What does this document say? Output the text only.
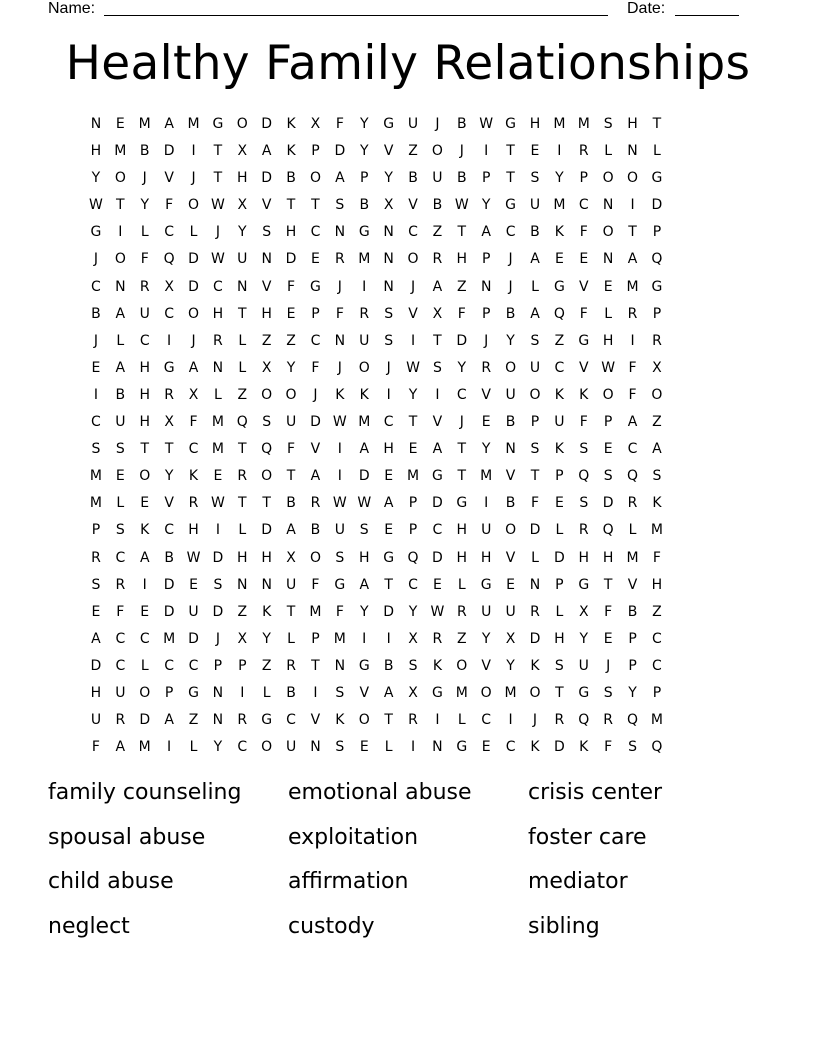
Name:	Date:
Healthy Family Relationships
N E M A M G O D K X F Y G U J B W G H M M S H T
H M B D I T X A K P D Y V Z O J I T E I R L N L
Y O J V J T H D B O A P Y B U B P T S Y P O O G
W T Y F O W X V T T S B X V B W Y G U M C N I D
G I L C L J Y S H C N G N C Z T A C B K F O T P
J O F Q D W U N D E R M N O R H P J A E E N A Q
C N R X D C N V F G J I N J A Z N J L G V E M G
B A U C O H T H E P F R S V X F P B A Q F L R P
J L C I J R L Z Z C N U S I T D J Y S Z G H I R
E A H G A N L X Y F J O J W S Y R O U C V W F X
I B H R X L Z O O J K K I Y I C V U O K K O F O
C U H X F M Q S U D W M C T V J E B P U F P A Z
S S T T C M T Q F V I A H E A T Y N S K S E C A
M E O Y K E R O T A I D E M G T M V T P Q S Q S
M L E V R W T T B R W W A P D G I B F E S D R K
P S K C H I L D A B U S E P C H U O D L R Q L M
R C A B W D H H X O S H G Q D H H V L D H H M F
S R I D E S N N U F G A T C E L G E N P G T V H
E F E D U D Z K T M F Y D Y W R U U R L X F B Z
A C C M D J X Y L P M I I X R Z Y X D H Y E P C
D C L C C P P Z R T N G B S K O V Y K S U J P C
H U O P G N I L B I S V A X G M O M O T G S Y P
U R D A Z N R G C V K O T R I L C I J R Q R Q M
F A M I L Y C O U N S E L I N G E C K D K F S Q
family counseling	emotional abuse	crisis center
spousal abuse	exploitation	foster care
child abuse	affirmation	mediator
neglect	custody	sibling
